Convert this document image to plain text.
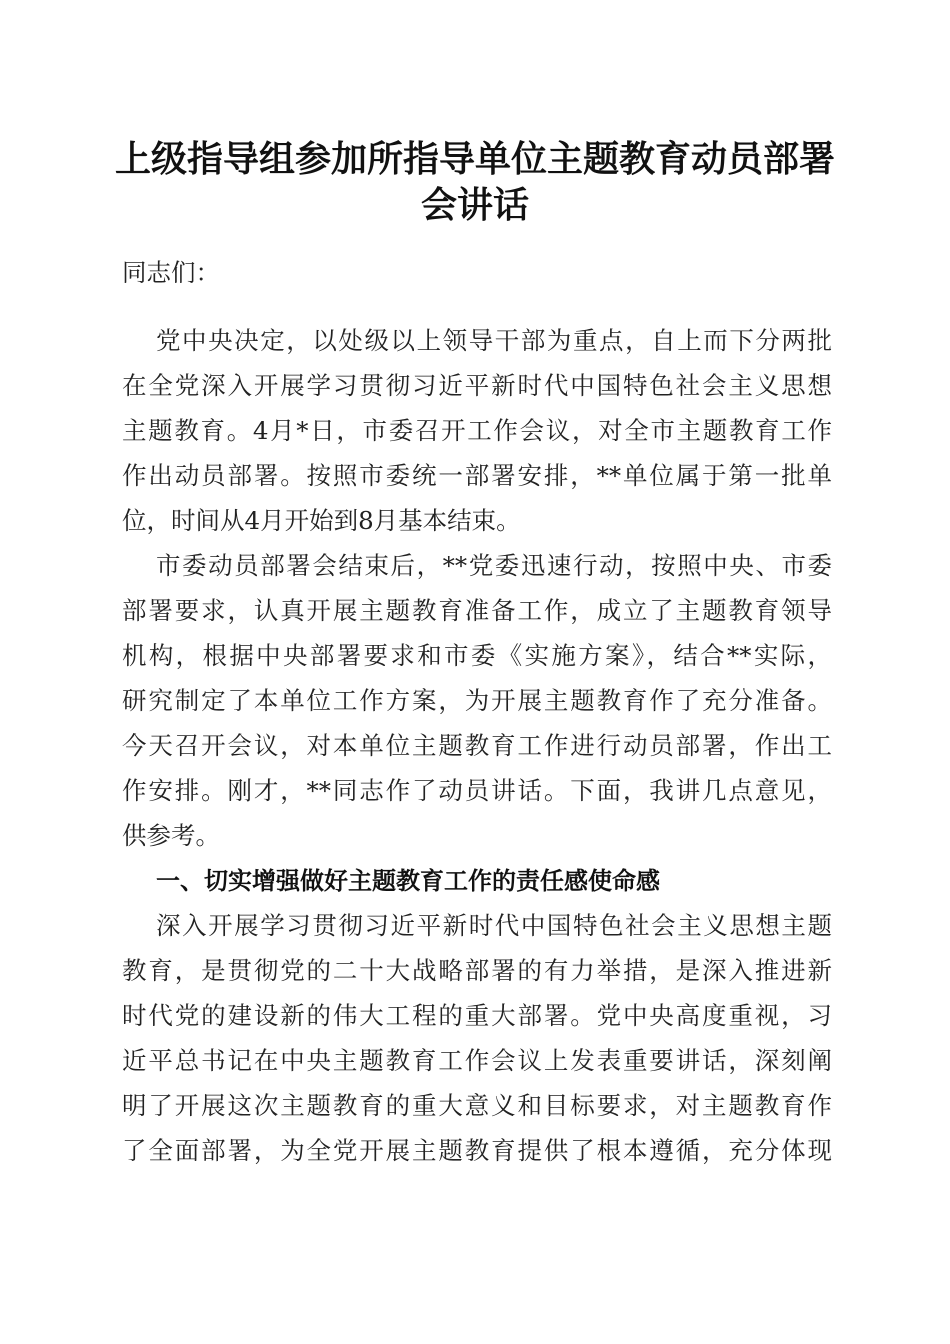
上级指导组参加所指导单位主题教育动员部署
会讲话
同志们：
党中央决定，以处级以上领导干部为重点，自上而下分两批
在全党深入开展学习贯彻习近平新时代中国特色社会主义思想
主题教育。4月*日，市委召开工作会议，对全市主题教育工作
作出动员部署。按照市委统一部署安排，**单位属于第一批单
位，时间从4月开始到8月基本结束。
市委动员部署会结束后，**党委迅速行动，按照中央、市委
部署要求，认真开展主题教育准备工作，成立了主题教育领导
机构，根据中央部署要求和市委《实施方案》，结合**实际，
研究制定了本单位工作方案，为开展主题教育作了充分准备。
今天召开会议，对本单位主题教育工作进行动员部署，作出工
作安排。刚才，**同志作了动员讲话。下面，我讲几点意见，
供参考。
一、切实增强做好主题教育工作的责任感使命感
深入开展学习贯彻习近平新时代中国特色社会主义思想主题
教育，是贯彻党的二十大战略部署的有力举措，是深入推进新
时代党的建设新的伟大工程的重大部署。党中央高度重视，习
近平总书记在中央主题教育工作会议上发表重要讲话，深刻阐
明了开展这次主题教育的重大意义和目标要求，对主题教育作
了全面部署，为全党开展主题教育提供了根本遵循，充分体现
